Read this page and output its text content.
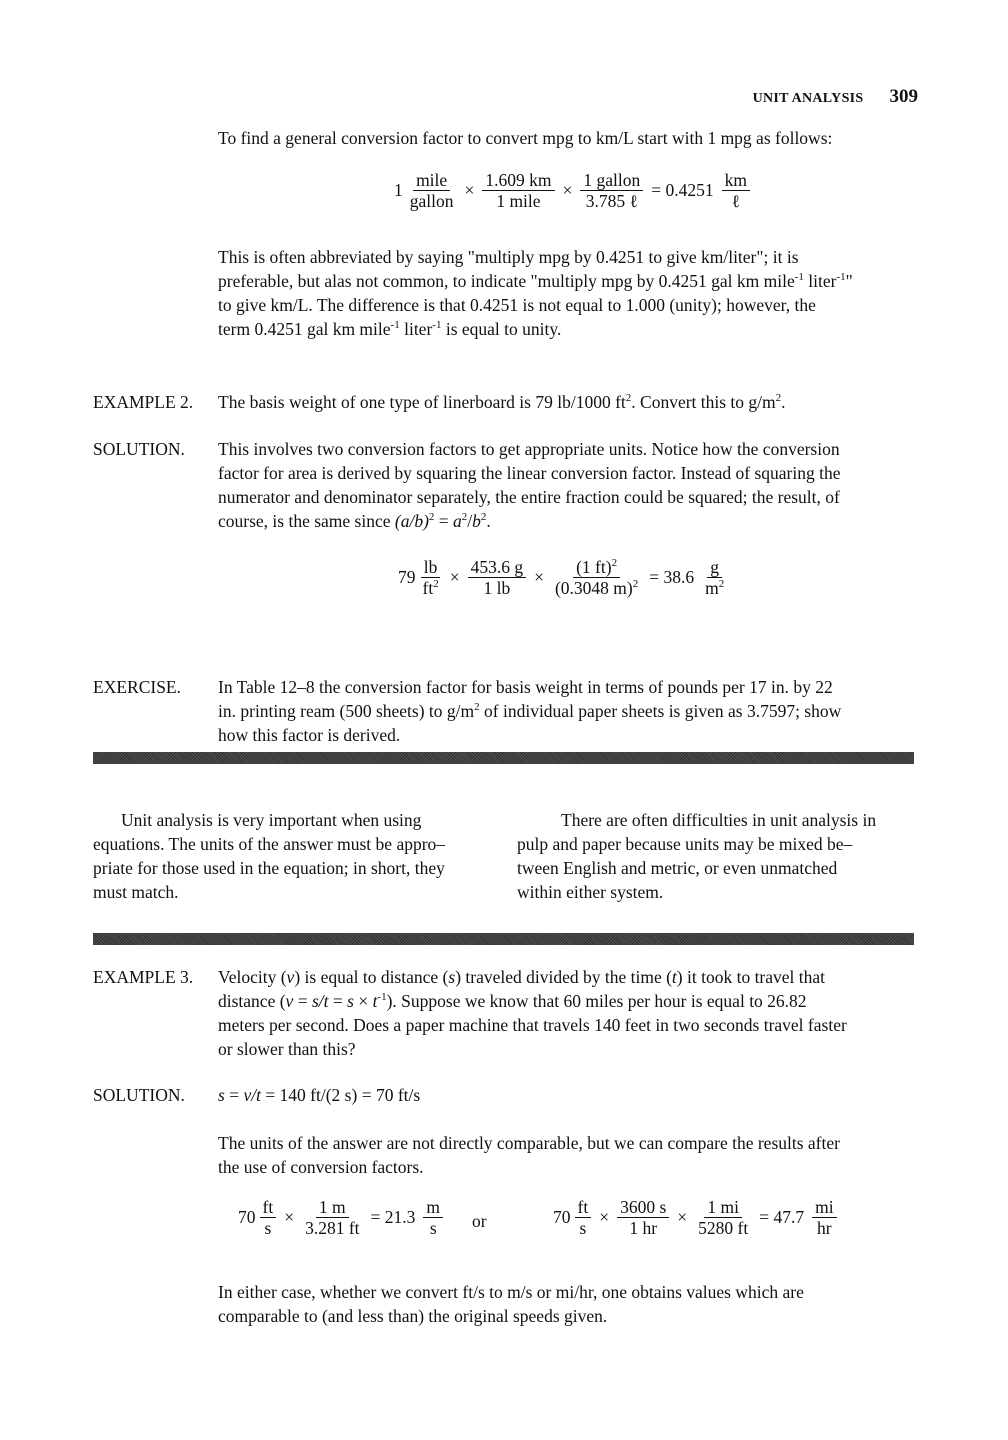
UNIT ANALYSIS 309
To find a general conversion factor to convert mpg to km/L start with 1 mpg as follows:
$1 \frac{\text{mile}}{\text{gallon}} \times \frac{1.609 km}{\text{1 mile}} \times \frac{\text{1 gallon}}{\text{3.785 ℓ}} = 0.4251 \frac{km}{\text{ℓ}}$
This is often abbreviated by saying "multiply mpg by 0.4251 to give km/liter"; it is
preferable, but alas not common, to indicate "multiply mpg by 0.4251 gal km mile$^{-1}$ liter$^{-1}$"
to give km/L. The difference is that 0.4251 is not equal to 1.000 (unity); however, the
term 0.4251 gal km mile$^{-1}$ liter$^{-1}$ is equal to unity.
EXAMPLE 2. The basis weight of one type of linerboard is 79 lb/1000 $ft^2$. Convert this to $g/m^2$.
SOLUTION. This involves two conversion factors to get appropriate units. Notice how the conversion
factor for area is derived by squaring the linear conversion factor. Instead of squaring the
numerator and denominator separately, the entire fraction could be squared; the result, of
course, is the same since $(a/b)^2 = a^2/b^2$.
$79 \frac{lb}{ft^2} \times \frac{453.6 g}{1 lb} \times \frac{(1 ft)^2}{(0.3048 m)^2} = 38.6 \frac{g}{m^2}$
EXERCISE. In Table 12–8 the conversion factor for basis weight in terms of pounds per 17 in. by 22
in. printing ream (500 sheets) to $g/m^2$ of individual paper sheets is given as 3.7597; show
how this factor is derived.
Unit analysis is very important when using
equations. The units of the answer must be appro–
priate for those used in the equation; in short, they
must match.
There are often difficulties in unit analysis in
pulp and paper because units may be mixed be–
tween English and metric, or even unmatched
within either system.
EXAMPLE 3. Velocity (v) is equal to distance (s) traveled divided by the time (t) it took to travel that
distance $(v = s/t = s \times t^{-1})$. Suppose we know that 60 miles per hour is equal to 26.82
meters per second. Does a paper machine that travels 140 feet in two seconds travel faster
or slower than this?
SOLUTION. s = v/t = 140 ft/(2 s) = 70 ft/s
The units of the answer are not directly comparable, but we can compare the results after
the use of conversion factors.
$70 \frac{ft}{s} \times \frac{1 m}{3.281 ft} = 21.3 \frac{m}{s}$ or	$70 \frac{ft}{s} \times \frac{3600 s}{1 hr} \times \frac{1 mi}{5280 ft} = 47.7 \frac{mi}{hr}$
In either case, whether we convert ft/s to m/s or mi/hr, one obtains values which are
comparable to (and less than) the original speeds given.
